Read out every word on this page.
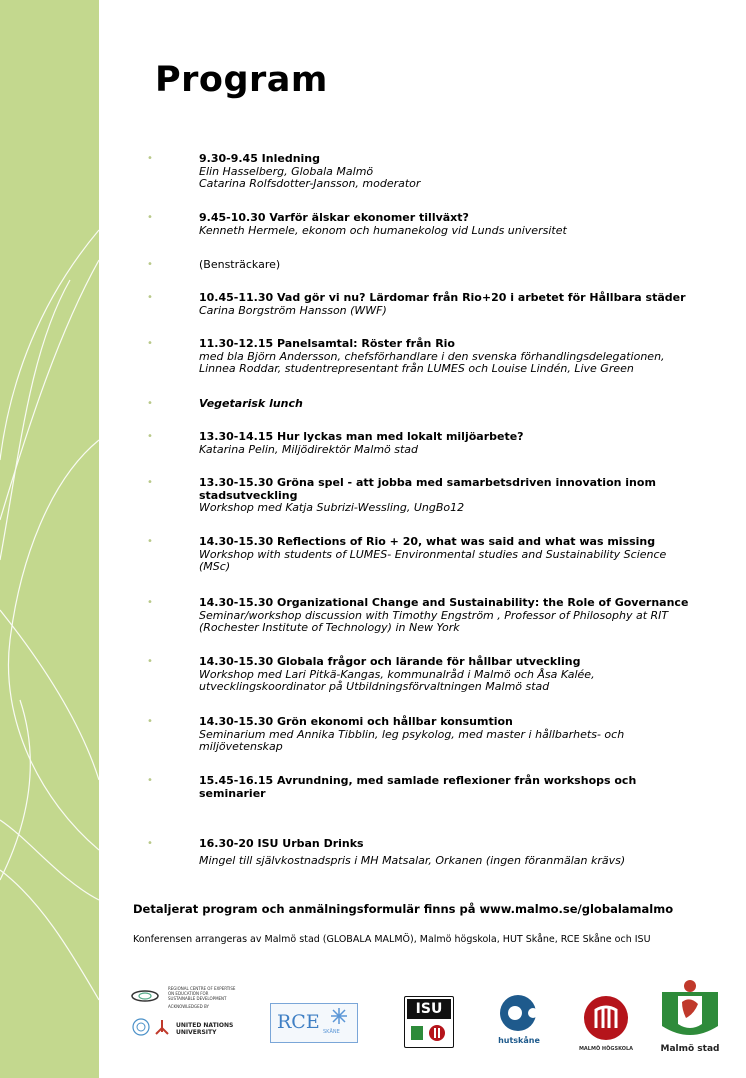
Program
•	9.30-9.45 Inledning
Elin Hasselberg, Globala Malmö
Catarina Rolfsdotter-Jansson, moderator
•	9.45-10.30 Varför älskar ekonomer tillväxt?
Kenneth Hermele, ekonom och humanekolog vid Lunds universitet
•	(Bensträckare)
•	10.45-11.30 Vad gör vi nu? Lärdomar från Rio+20 i arbetet för Hållbara städer
Carina Borgström Hansson (WWF)
•	11.30-12.15 Panelsamtal: Röster från Rio
med bla Björn Andersson, chefsförhandlare i den svenska förhandlingsdelegationen,
Linnea Roddar, studentrepresentant från LUMES och Louise Lindén, Live Green
•	Vegetarisk lunch
•	13.30-14.15 Hur lyckas man med lokalt miljöarbete?
Katarina Pelin, Miljödirektör Malmö stad
•	13.30-15.30 Gröna spel - att jobba med samarbetsdriven innovation inom stadsutveckling
Workshop med Katja Subrizi-Wessling, UngBo12
•	14.30-15.30 Reflections of Rio + 20, what was said and what was missing
Workshop with students of LUMES- Environmental studies and Sustainability Science (MSc)
•	14.30-15.30 Organizational Change and Sustainability: the Role of Governance
Seminar/workshop discussion with Timothy Engström , Professor of Philosophy at RIT (Rochester Institute of Technology) in New York
•	14.30-15.30 Globala frågor och lärande för hållbar utveckling
Workshop med Lari Pitkä-Kangas, kommunalråd i Malmö och Åsa Kalée,
utvecklingskoordinator på Utbildningsförvaltningen Malmö stad
•	14.30-15.30 Grön ekonomi och hållbar konsumtion
Seminarium med Annika Tibblin, leg psykolog, med master i hållbarhets- och miljövetenskap
•	15.45-16.15 Avrundning, med samlade reflexioner från workshops och seminarier
•	16.30-20 ISU Urban Drinks
Mingel till självkostnadspris i MH Matsalar, Orkanen (ingen föranmälan krävs)
Detaljerat program och anmälningsformulär finns på www.malmo.se/globalamalmo
Konferensen arrangeras av Malmö stad (GLOBALA MALMÖ), Malmö högskola, HUT Skåne, RCE Skåne och ISU
REGIONAL CENTRE OF EXPERTISE
ON EDUCATION FOR
SUSTAINABLE DEVELOPMENT
ACKNOWLEDGED BY
UNITED NATIONS
UNIVERSITY	RCE SKÅNE
ISU
hutskåne
MALMÖ HÖGSKOLA	Malmö stad
